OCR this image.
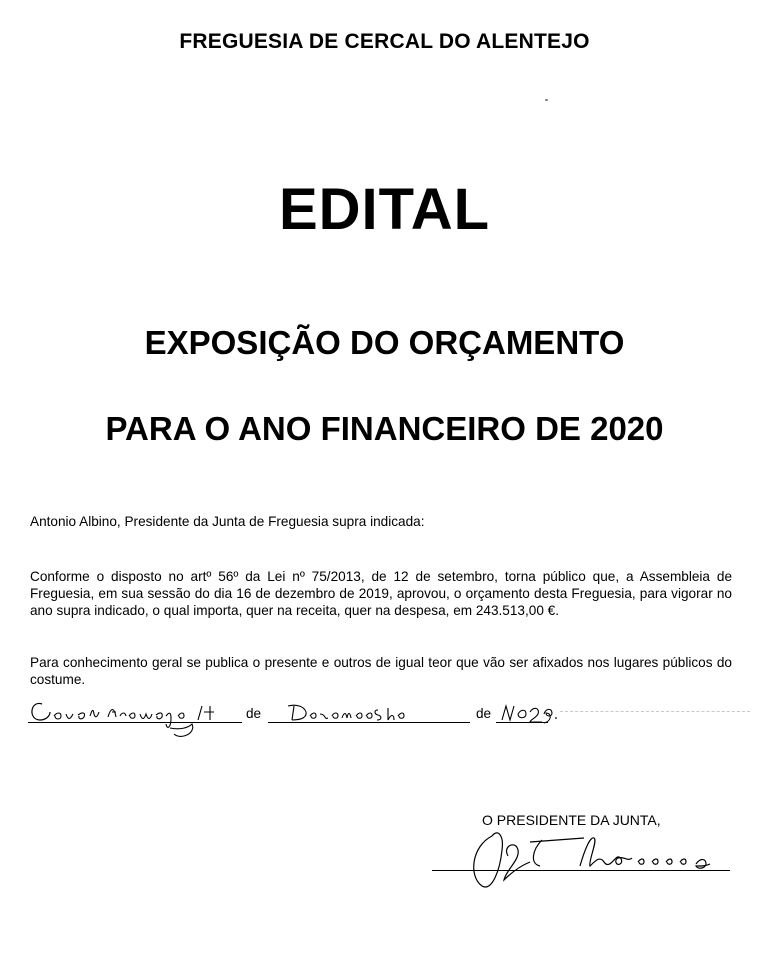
FREGUESIA DE CERCAL DO ALENTEJO
EDITAL
EXPOSIÇÃO DO ORÇAMENTO
PARA O ANO FINANCEIRO DE 2020

Antonio Albino, Presidente da Junta de Freguesia supra indicada:

Conforme o disposto no artº 56º da Lei nº 75/2013, de 12 de setembro, torna público que, a Assembleia de Freguesia, em sua sessão do dia 16 de dezembro de 2019, aprovou, o orçamento desta Freguesia, para vigorar no ano supra indicado, o qual importa, quer na receita, quer na despesa, em 243.513,00 €.

Para conhecimento geral se publica o presente e outros de igual teor que vão ser afixados nos lugares públicos do costume.

de	de
O PRESIDENTE DA JUNTA,
